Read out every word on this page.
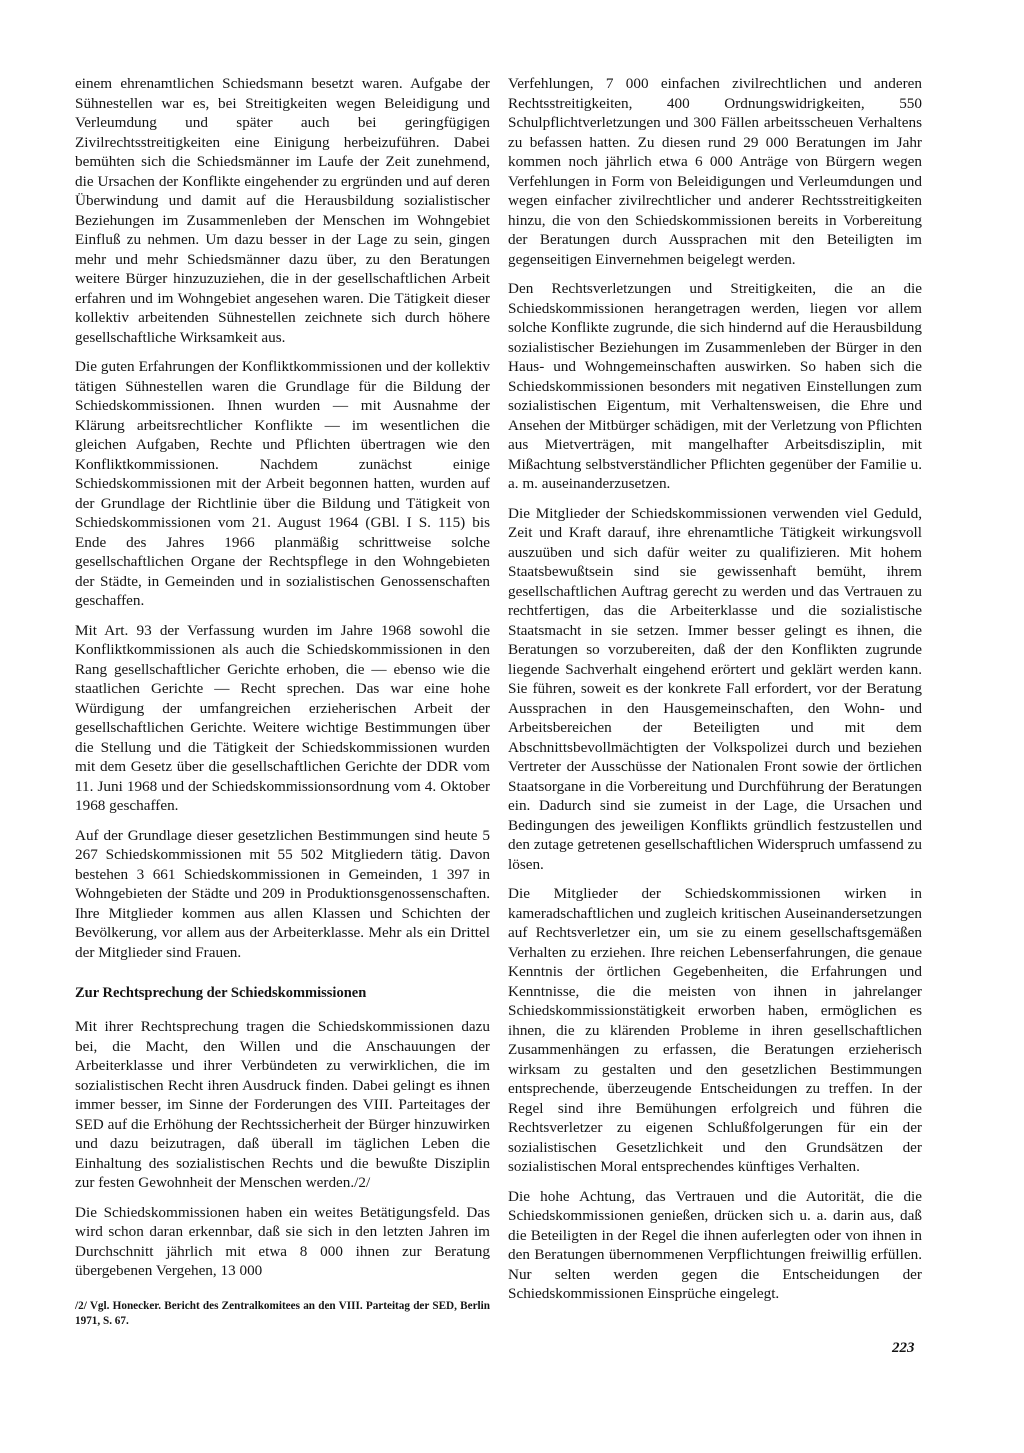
einem ehrenamtlichen Schiedsmann besetzt waren. Aufgabe der Sühnestellen war es, bei Streitigkeiten wegen Beleidigung und Verleumdung und später auch bei geringfügigen Zivilrechtsstreitigkeiten eine Einigung herbeizuführen. Dabei bemühten sich die Schiedsmänner im Laufe der Zeit zunehmend, die Ursachen der Konflikte eingehender zu ergründen und auf deren Überwindung und damit auf die Herausbildung sozialistischer Beziehungen im Zusammenleben der Menschen im Wohngebiet Einfluß zu nehmen. Um dazu besser in der Lage zu sein, gingen mehr und mehr Schiedsmänner dazu über, zu den Beratungen weitere Bürger hinzuzuziehen, die in der gesellschaftlichen Arbeit erfahren und im Wohngebiet angesehen waren. Die Tätigkeit dieser kollektiv arbeitenden Sühnestellen zeichnete sich durch höhere gesellschaftliche Wirksamkeit aus.

Die guten Erfahrungen der Konfliktkommissionen und der kollektiv tätigen Sühnestellen waren die Grundlage für die Bildung der Schiedskommissionen. Ihnen wurden — mit Ausnahme der Klärung arbeitsrechtlicher Konflikte — im wesentlichen die gleichen Aufgaben, Rechte und Pflichten übertragen wie den Konfliktkommissionen. Nachdem zunächst einige Schiedskommissionen mit der Arbeit begonnen hatten, wurden auf der Grundlage der Richtlinie über die Bildung und Tätigkeit von Schiedskommissionen vom 21. August 1964 (GBl. I S. 115) bis Ende des Jahres 1966 planmäßig schrittweise solche gesellschaftlichen Organe der Rechtspflege in den Wohngebieten der Städte, in Gemeinden und in sozialistischen Genossenschaften geschaffen.

Mit Art. 93 der Verfassung wurden im Jahre 1968 sowohl die Konfliktkommissionen als auch die Schiedskommissionen in den Rang gesellschaftlicher Gerichte erhoben, die — ebenso wie die staatlichen Gerichte — Recht sprechen. Das war eine hohe Würdigung der umfangreichen erzieherischen Arbeit der gesellschaftlichen Gerichte. Weitere wichtige Bestimmungen über die Stellung und die Tätigkeit der Schiedskommissionen wurden mit dem Gesetz über die gesellschaftlichen Gerichte der DDR vom 11. Juni 1968 und der Schiedskommissionsordnung vom 4. Oktober 1968 geschaffen.

Auf der Grundlage dieser gesetzlichen Bestimmungen sind heute 5 267 Schiedskommissionen mit 55 502 Mitgliedern tätig. Davon bestehen 3 661 Schiedskommissionen in Gemeinden, 1 397 in Wohngebieten der Städte und 209 in Produktionsgenossenschaften. Ihre Mitglieder kommen aus allen Klassen und Schichten der Bevölkerung, vor allem aus der Arbeiterklasse. Mehr als ein Drittel der Mitglieder sind Frauen.

Zur Rechtsprechung der Schiedskommissionen

Mit ihrer Rechtsprechung tragen die Schiedskommissionen dazu bei, die Macht, den Willen und die Anschauungen der Arbeiterklasse und ihrer Verbündeten zu verwirklichen, die im sozialistischen Recht ihren Ausdruck finden. Dabei gelingt es ihnen immer besser, im Sinne der Forderungen des VIII. Parteitages der SED auf die Erhöhung der Rechtssicherheit der Bürger hinzuwirken und dazu beizutragen, daß überall im täglichen Leben die Einhaltung des sozialistischen Rechts und die bewußte Disziplin zur festen Gewohnheit der Menschen werden./2/

Die Schiedskommissionen haben ein weites Betätigungsfeld. Das wird schon daran erkennbar, daß sie sich in den letzten Jahren im Durchschnitt jährlich mit etwa 8 000 ihnen zur Beratung übergebenen Vergehen, 13 000

/2/ Vgl. Honecker. Bericht des Zentralkomitees an den VIII. Parteitag der SED, Berlin 1971, S. 67.

Verfehlungen, 7 000 einfachen zivilrechtlichen und anderen Rechtsstreitigkeiten, 400 Ordnungswidrigkeiten, 550 Schulpflichtverletzungen und 300 Fällen arbeitsscheuen Verhaltens zu befassen hatten. Zu diesen rund 29 000 Beratungen im Jahr kommen noch jährlich etwa 6 000 Anträge von Bürgern wegen Verfehlungen in Form von Beleidigungen und Verleumdungen und wegen einfacher zivilrechtlicher und anderer Rechtsstreitigkeiten hinzu, die von den Schiedskommissionen bereits in Vorbereitung der Beratungen durch Aussprachen mit den Beteiligten im gegenseitigen Einvernehmen beigelegt werden.

Den Rechtsverletzungen und Streitigkeiten, die an die Schiedskommissionen herangetragen werden, liegen vor allem solche Konflikte zugrunde, die sich hindernd auf die Herausbildung sozialistischer Beziehungen im Zusammenleben der Bürger in den Haus- und Wohngemeinschaften auswirken. So haben sich die Schiedskommissionen besonders mit negativen Einstellungen zum sozialistischen Eigentum, mit Verhaltensweisen, die Ehre und Ansehen der Mitbürger schädigen, mit der Verletzung von Pflichten aus Mietverträgen, mit mangelhafter Arbeitsdisziplin, mit Mißachtung selbstverständlicher Pflichten gegenüber der Familie u. a. m. auseinanderzusetzen.

Die Mitglieder der Schiedskommissionen verwenden viel Geduld, Zeit und Kraft darauf, ihre ehrenamtliche Tätigkeit wirkungsvoll auszuüben und sich dafür weiter zu qualifizieren. Mit hohem Staatsbewußtsein sind sie gewissenhaft bemüht, ihrem gesellschaftlichen Auftrag gerecht zu werden und das Vertrauen zu rechtfertigen, das die Arbeiterklasse und die sozialistische Staatsmacht in sie setzen. Immer besser gelingt es ihnen, die Beratungen so vorzubereiten, daß der den Konflikten zugrunde liegende Sachverhalt eingehend erörtert und geklärt werden kann. Sie führen, soweit es der konkrete Fall erfordert, vor der Beratung Aussprachen in den Hausgemeinschaften, den Wohn- und Arbeitsbereichen der Beteiligten und mit dem Abschnittsbevollmächtigten der Volkspolizei durch und beziehen Vertreter der Ausschüsse der Nationalen Front sowie der örtlichen Staatsorgane in die Vorbereitung und Durchführung der Beratungen ein. Dadurch sind sie zumeist in der Lage, die Ursachen und Bedingungen des jeweiligen Konflikts gründlich festzustellen und den zutage getretenen gesellschaftlichen Widerspruch umfassend zu lösen.

Die Mitglieder der Schiedskommissionen wirken in kameradschaftlichen und zugleich kritischen Auseinandersetzungen auf Rechtsverletzer ein, um sie zu einem gesellschaftsgemäßen Verhalten zu erziehen. Ihre reichen Lebenserfahrungen, die genaue Kenntnis der örtlichen Gegebenheiten, die Erfahrungen und Kenntnisse, die die meisten von ihnen in jahrelanger Schiedskommissionstätigkeit erworben haben, ermöglichen es ihnen, die zu klärenden Probleme in ihren gesellschaftlichen Zusammenhängen zu erfassen, die Beratungen erzieherisch wirksam zu gestalten und den gesetzlichen Bestimmungen entsprechende, überzeugende Entscheidungen zu treffen. In der Regel sind ihre Bemühungen erfolgreich und führen die Rechtsverletzer zu eigenen Schlußfolgerungen für ein der sozialistischen Gesetzlichkeit und den Grundsätzen der sozialistischen Moral entsprechendes künftiges Verhalten.

Die hohe Achtung, das Vertrauen und die Autorität, die die Schiedskommissionen genießen, drücken sich u. a. darin aus, daß die Beteiligten in der Regel die ihnen auferlegten oder von ihnen in den Beratungen übernommenen Verpflichtungen freiwillig erfüllen. Nur selten werden gegen die Entscheidungen der Schiedskommissionen Einsprüche eingelegt.

223
